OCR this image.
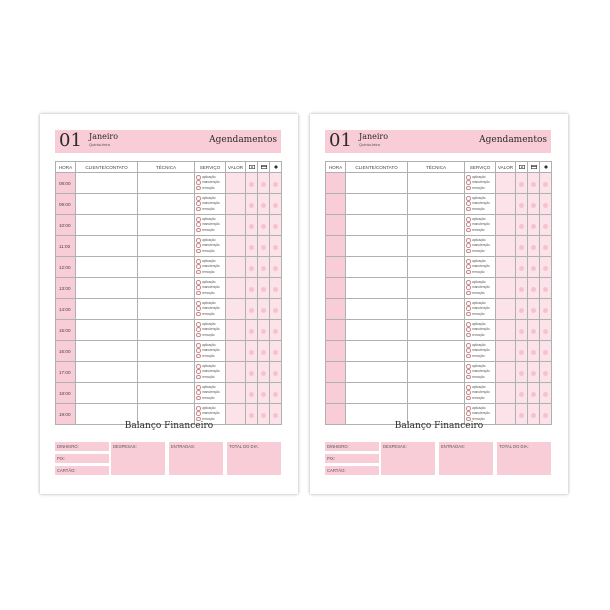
01 Janeiro
Quinta-feira	Agendamentos
HORA	CLIENTE/CONTATO	TÉCNICA	SERVIÇO	VALOR			
08:00			aplicação
manutenção
remoção				

09:00			aplicação
manutenção
remoção				

10:00			aplicação
manutenção
remoção				

11:00			aplicação
manutenção
remoção				

12:00			aplicação
manutenção
remoção				

13:00			aplicação
manutenção
remoção				

14:00			aplicação
manutenção
remoção				

15:00			aplicação
manutenção
remoção				

16:00			aplicação
manutenção
remoção				

17:00			aplicação
manutenção
remoção				

18:00			aplicação
manutenção
remoção				

19:00			aplicação
manutenção
remoção				

Balanço Financeiro
DINHEIRO:
PIX:
CARTÃO:
DESPESAS:	ENTRADAS:	TOTAL DO DIA:
01 Janeiro
Quinta-feira	Agendamentos
HORA	CLIENTE/CONTATO	TÉCNICA	SERVIÇO	VALOR			

			aplicação
manutenção
remoção				

			aplicação
manutenção
remoção				

			aplicação
manutenção
remoção				

			aplicação
manutenção
remoção				

			aplicação
manutenção
remoção				

			aplicação
manutenção
remoção				

			aplicação
manutenção
remoção				

			aplicação
manutenção
remoção				

			aplicação
manutenção
remoção				

			aplicação
manutenção
remoção				

			aplicação
manutenção
remoção				

			aplicação
manutenção
remoção				

Balanço Financeiro
DINHEIRO:
PIX:
CARTÃO:
DESPESAS:	ENTRADAS:	TOTAL DO DIA:
